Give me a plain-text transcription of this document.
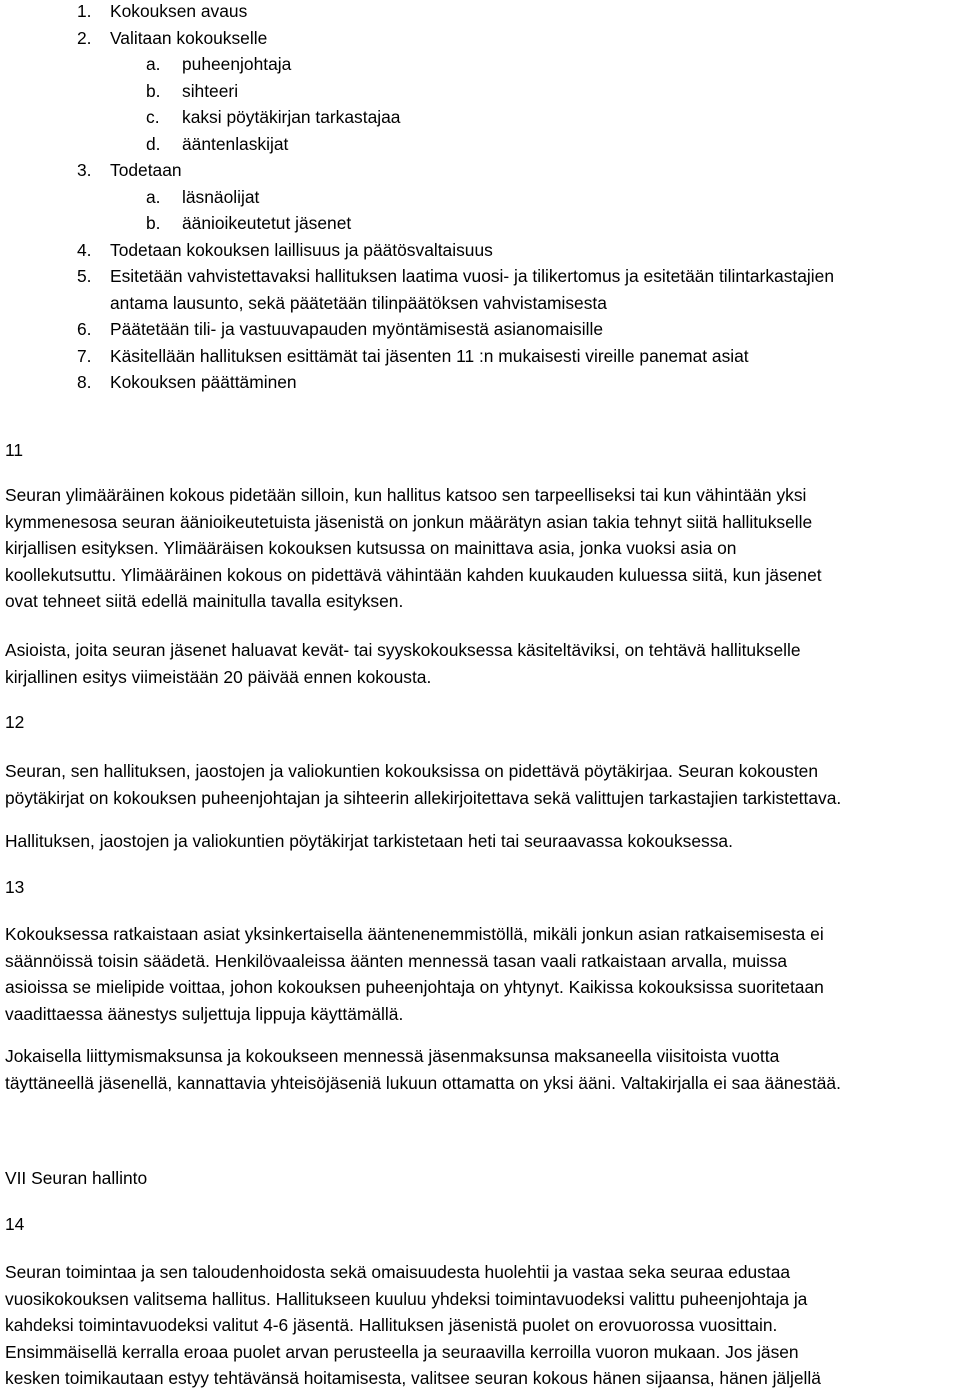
1. Kokouksen avaus
2. Valitaan kokoukselle
a. puheenjohtaja
b. sihteeri
c. kaksi pöytäkirjan tarkastajaa
d. ääntenlaskijat
3. Todetaan
a. läsnäolijat
b. äänioikeutetut jäsenet
4. Todetaan kokouksen laillisuus ja päätösvaltaisuus
5. Esitetään vahvistettavaksi hallituksen laatima vuosi- ja tilikertomus ja esitetään tilintarkastajien
antama lausunto, sekä päätetään tilinpäätöksen vahvistamisesta
6. Päätetään tili- ja vastuuvapauden myöntämisestä asianomaisille
7. Käsitellään hallituksen esittämät tai jäsenten 11 :n mukaisesti vireille panemat asiat
8. Kokouksen päättäminen
11

Seuran ylimääräinen kokous pidetään silloin, kun hallitus katsoo sen tarpeelliseksi tai kun vähintään yksi

kymmenesosa seuran äänioikeutetuista jäsenistä on jonkun määrätyn asian takia tehnyt siitä hallitukselle

kirjallisen esityksen. Ylimääräisen kokouksen kutsussa on mainittava asia, jonka vuoksi asia on

koollekutsuttu. Ylimääräinen kokous on pidettävä vähintään kahden kuukauden kuluessa siitä, kun jäsenet

ovat tehneet siitä edellä mainitulla tavalla esityksen.

Asioista, joita seuran jäsenet haluavat kevät- tai syyskokouksessa käsiteltäviksi, on tehtävä hallitukselle

kirjallinen esitys viimeistään 20 päivää ennen kokousta.

12

Seuran, sen hallituksen, jaostojen ja valiokuntien kokouksissa on pidettävä pöytäkirjaa. Seuran kokousten

pöytäkirjat on kokouksen puheenjohtajan ja sihteerin allekirjoitettava sekä valittujen tarkastajien tarkistettava.

Hallituksen, jaostojen ja valiokuntien pöytäkirjat tarkistetaan heti tai seuraavassa kokouksessa.

13

Kokouksessa ratkaistaan asiat yksinkertaisella ääntenenemmistöllä, mikäli jonkun asian ratkaisemisesta ei

säännöissä toisin säädetä. Henkilövaaleissa äänten mennessä tasan vaali ratkaistaan arvalla, muissa

asioissa se mielipide voittaa, johon kokouksen puheenjohtaja on yhtynyt. Kaikissa kokouksissa suoritetaan

vaadittaessa äänestys suljettuja lippuja käyttämällä.

Jokaisella liittymismaksunsa ja kokoukseen mennessä jäsenmaksunsa maksaneella viisitoista vuotta

täyttäneellä jäsenellä, kannattavia yhteisöjäseniä lukuun ottamatta on yksi ääni. Valtakirjalla ei saa äänestää.

VII Seuran hallinto
14

Seuran toimintaa ja sen taloudenhoidosta sekä omaisuudesta huolehtii ja vastaa seka seuraa edustaa

vuosikokouksen valitsema hallitus. Hallitukseen kuuluu yhdeksi toimintavuodeksi valittu puheenjohtaja ja

kahdeksi toimintavuodeksi valitut 4-6 jäsentä. Hallituksen jäsenistä puolet on erovuorossa vuosittain.

Ensimmäisellä kerralla eroaa puolet arvan perusteella ja seuraavilla kerroilla vuoron mukaan. Jos jäsen

kesken toimikautaan estyy tehtävänsä hoitamisesta, valitsee seuran kokous hänen sijaansa, hänen jäljellä
